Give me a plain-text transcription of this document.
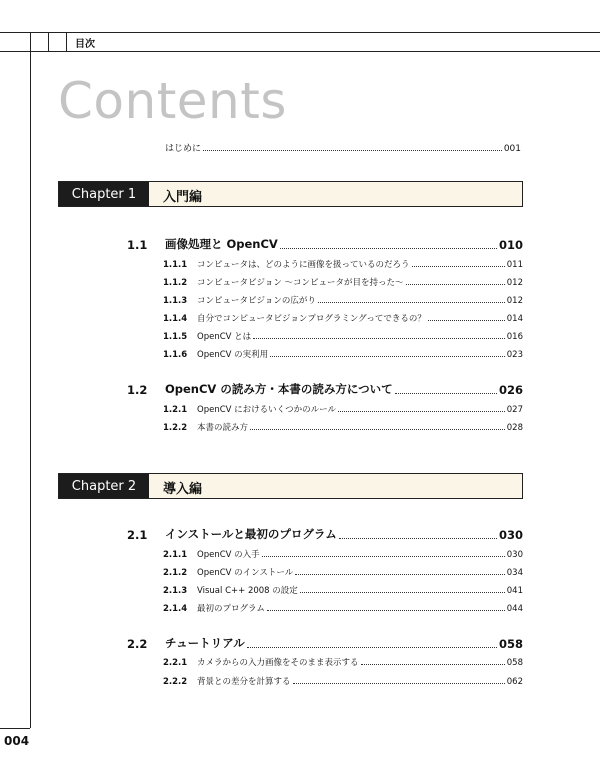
目次
004
Contents
はじめに	001
Chapter 1	入門編
Chapter 2	導入編
1.1	画像処理と OpenCV	010
1.2	OpenCV の読み方・本書の読み方について	026
2.1	インストールと最初のプログラム	030
2.2	チュートリアル	058
1.1.1	コンピュータは、どのように画像を扱っているのだろう	011
1.1.2	コンピュータビジョン 〜コンピュータが目を持った〜	012
1.1.3	コンピュータビジョンの広がり	012
1.1.4	自分でコンピュータビジョンプログラミングってできるの？	014
1.1.5	OpenCV とは	016
1.1.6	OpenCV の実利用	023
1.2.1	OpenCV におけるいくつかのルール	027
1.2.2	本書の読み方	028
2.1.1	OpenCV の入手	030
2.1.2	OpenCV のインストール	034
2.1.3	Visual C++ 2008 の設定	041
2.1.4	最初のプログラム	044
2.2.1	カメラからの入力画像をそのまま表示する	058
2.2.2	背景との差分を計算する	062
